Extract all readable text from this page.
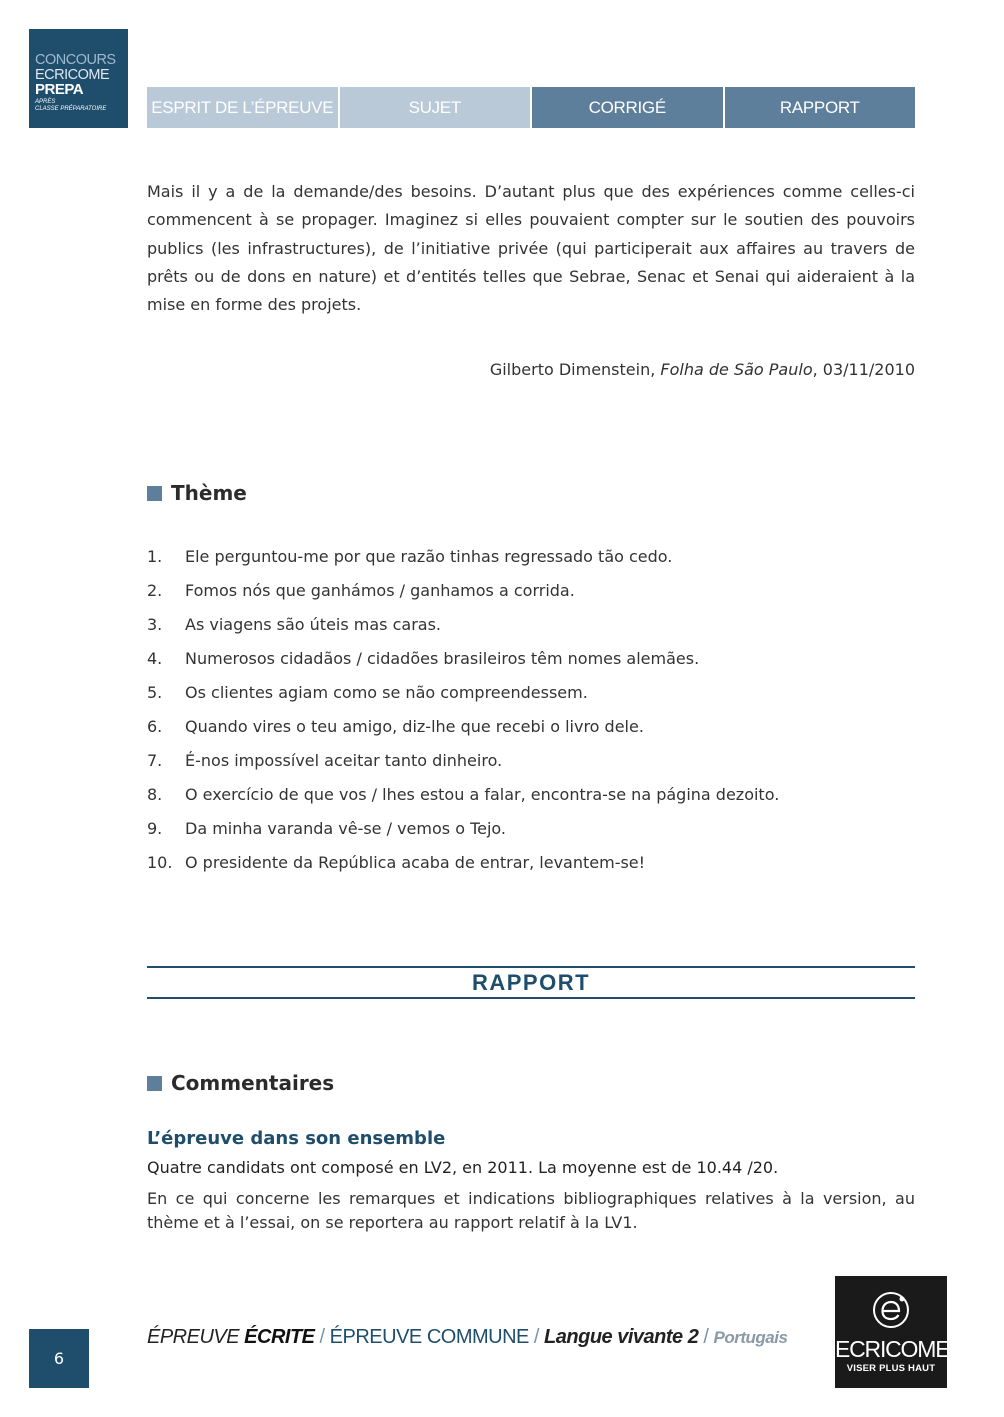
CONCOURS
ECRICOME
PREPA
APRÈS
CLASSE PRÉPARATOIRE	ESPRIT DE L’ÉPREUVE	SUJET	CORRIGÉ	RAPPORT
Mais il y a de la demande/des besoins. D’autant plus que des expériences comme celles-ci commencent à se propager. Imaginez si elles pouvaient compter sur le soutien des pouvoirs publics (les infrastructures), de l’initiative privée (qui participerait aux affaires au travers de prêts ou de dons en nature) et d’entités telles que Sebrae, Senac et Senai qui aideraient à la mise en forme des projets.
Gilberto Dimenstein, Folha de São Paulo, 03/11/2010
Thème
1.	Ele perguntou-me por que razão tinhas regressado tão cedo.
2.	Fomos nós que ganhámos / ganhamos a corrida.
3.	As viagens são úteis mas caras.
4.	Numerosos cidadãos / cidadões brasileiros têm nomes alemães.
5.	Os clientes agiam como se não compreendessem.
6.	Quando vires o teu amigo, diz-lhe que recebi o livro dele.
7.	É-nos impossível aceitar tanto dinheiro.
8.	O exercício de que vos / lhes estou a falar, encontra-se na página dezoito.
9.	Da minha varanda vê-se / vemos o Tejo.
10. O presidente da República acaba de entrar, levantem-se!
RAPPORT
Commentaires
L’épreuve dans son ensemble
Quatre candidats ont composé en LV2, en 2011. La moyenne est de 10.44 /20.
En ce qui concerne les remarques et indications bibliographiques relatives à la version, au thème et à l’essai, on se reportera au rapport relatif à la LV1.
6
ÉPREUVE ÉCRITE / ÉPREUVE COMMUNE / Langue vivante 2 / Portugais ECRICOME
VISER PLUS HAUT
